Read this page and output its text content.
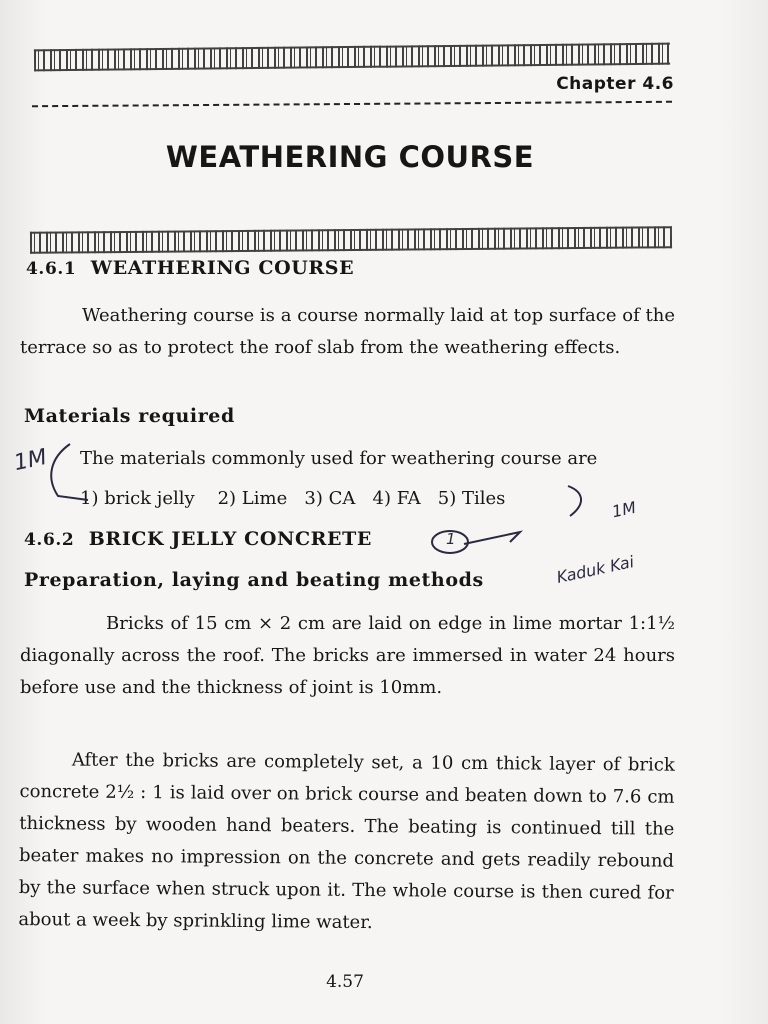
Chapter 4.6
WEATHERING COURSE
4.6.1 WEATHERING COURSE
Weathering course is a course normally laid at top surface of the terrace so as to protect the roof slab from the weathering effects.
Materials required
The materials commonly used for weathering course are
1) brick jelly    2) Lime   3) CA   4) FA   5) Tiles
1M
1M
4.6.2 BRICK JELLY CONCRETE	1
Preparation, laying and beating methods	Kaduk Kai
Bricks of 15 cm × 2 cm are laid on edge in lime mortar 1:1½ diagonally across the roof. The bricks are immersed in water 24 hours before use and the thickness of joint is 10mm.
After the bricks are completely set, a 10 cm thick layer of brick concrete 2½ : 1 is laid over on brick course and beaten down to 7.6 cm thickness by wooden hand beaters. The beating is continued till the beater makes no impression on the concrete and gets readily rebound by the surface when struck upon it. The whole course is then cured for about a week by sprinkling lime water.
4.57
